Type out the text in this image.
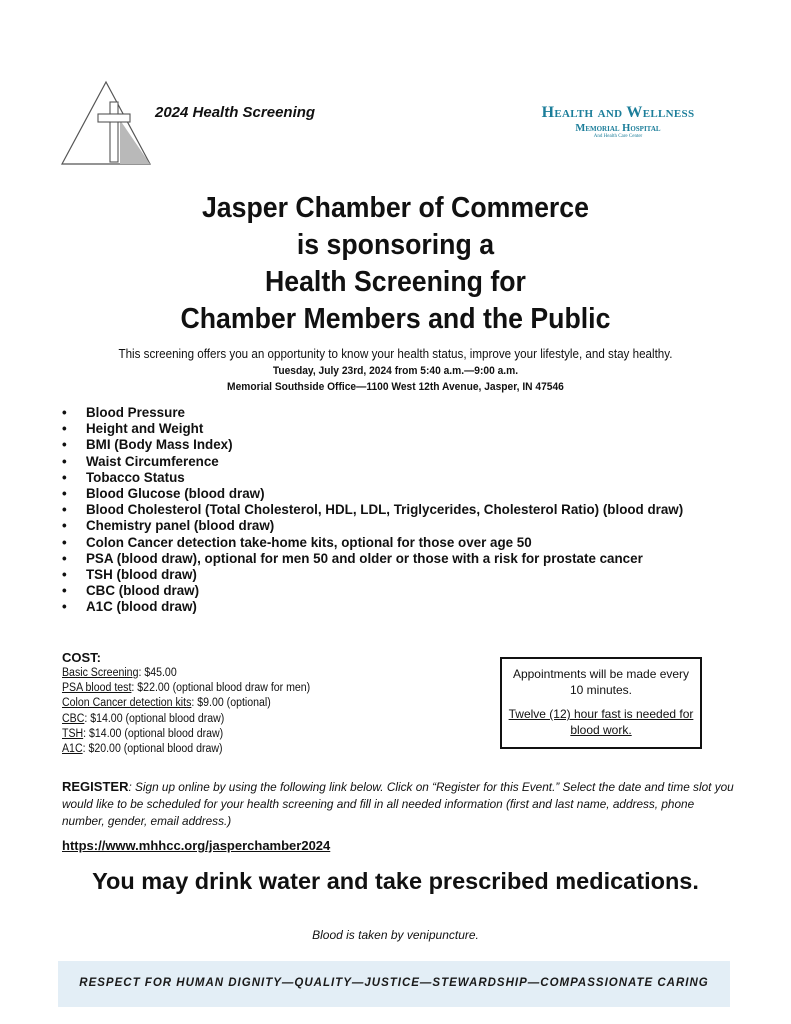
2024 Health Screening	Health and Wellness
Memorial Hospital
And Health Care Center
Jasper Chamber of Commerce
is sponsoring a
Health Screening for
Chamber Members and the Public
This screening offers you an opportunity to know your health status, improve your lifestyle, and stay healthy.
Tuesday, July 23rd, 2024 from 5:40 a.m.—9:00 a.m.
Memorial Southside Office—1100 West 12th Avenue, Jasper, IN 47546
• Blood Pressure
• Height and Weight
• BMI (Body Mass Index)
• Waist Circumference
• Tobacco Status
• Blood Glucose (blood draw)
• Blood Cholesterol (Total Cholesterol, HDL, LDL, Triglycerides, Cholesterol Ratio) (blood draw)
• Chemistry panel (blood draw)
• Colon Cancer detection take-home kits, optional for those over age 50
• PSA (blood draw), optional for men 50 and older or those with a risk for prostate cancer
• TSH (blood draw)
• CBC (blood draw)
• A1C (blood draw)
COST:
Basic Screening: $45.00
PSA blood test: $22.00 (optional blood draw for men)
Colon Cancer detection kits: $9.00 (optional)
CBC: $14.00 (optional blood draw)
TSH: $14.00 (optional blood draw)
A1C: $20.00 (optional blood draw)
Appointments will be made every 10 minutes.
Twelve (12) hour fast is needed for blood work.
REGISTER: Sign up online by using the following link below. Click on “Register for this Event.” Select the date and time slot you would like to be scheduled for your health screening and fill in all needed information (first and last name, address, phone number, gender, email address.)
https://www.mhhcc.org/jasperchamber2024
You may drink water and take prescribed medications.
Blood is taken by venipuncture.
RESPECT FOR HUMAN DIGNITY—QUALITY—JUSTICE—STEWARDSHIP—COMPASSIONATE CARING
